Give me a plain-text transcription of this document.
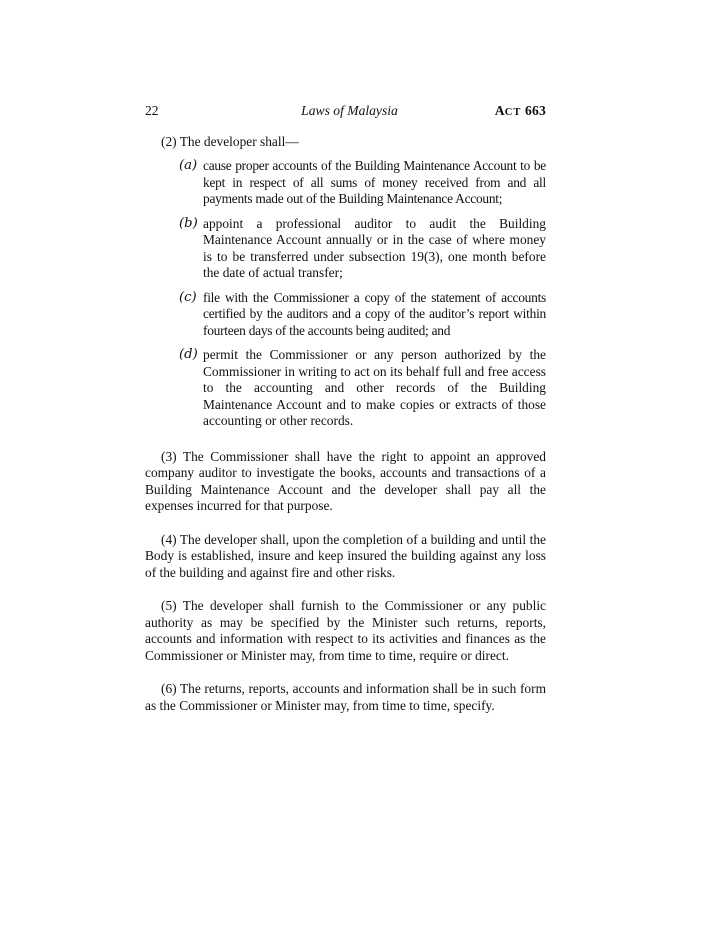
22	Laws of Malaysia	ACT 663

(2) The developer shall—

(a) cause proper accounts of the Building Maintenance Account to be kept in respect of all sums of money received from and all payments made out of the Building Maintenance Account;
(b) appoint a professional auditor to audit the Building Maintenance Account annually or in the case of where money is to be transferred under subsection 19(3), one month before the date of actual transfer;
(c) file with the Commissioner a copy of the statement of accounts certified by the auditors and a copy of the auditor’s report within fourteen days of the accounts being audited; and
(d) permit the Commissioner or any person authorized by the Commissioner in writing to act on its behalf full and free access to the accounting and other records of the Building Maintenance Account and to make copies or extracts of those accounting or other records.

(3) The Commissioner shall have the right to appoint an approved company auditor to investigate the books, accounts and transactions of a Building Maintenance Account and the developer shall pay all the expenses incurred for that purpose.

(4) The developer shall, upon the completion of a building and until the Body is established, insure and keep insured the building against any loss of the building and against fire and other risks.

(5) The developer shall furnish to the Commissioner or any public authority as may be specified by the Minister such returns, reports, accounts and information with respect to its activities and finances as the Commissioner or Minister may, from time to time, require or direct.

(6) The returns, reports, accounts and information shall be in such form as the Commissioner or Minister may, from time to time, specify.
